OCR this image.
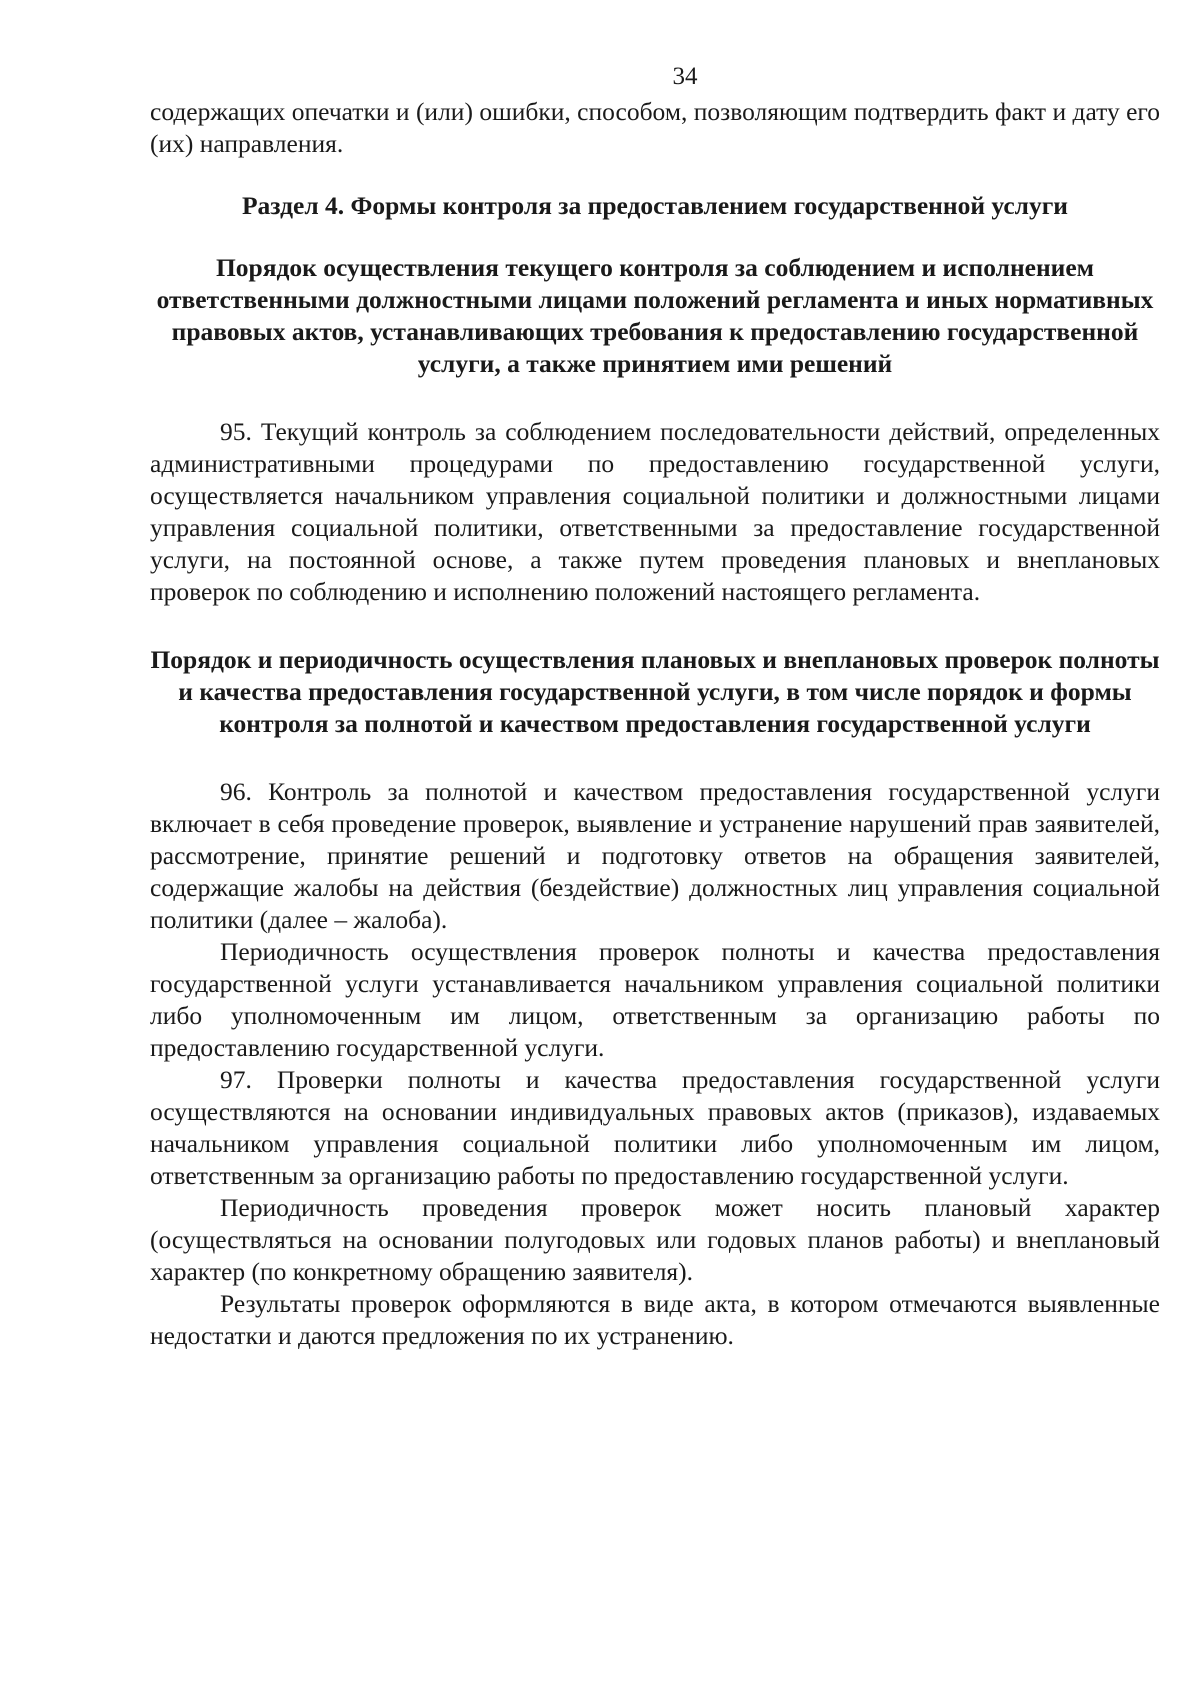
34

содержащих опечатки и (или) ошибки, способом, позволяющим подтвердить факт и дату его (их) направления.

Раздел 4. Формы контроля за предоставлением государственной услуги
Порядок осуществления текущего контроля за соблюдением и исполнением ответственными должностными лицами положений регламента и иных нормативных правовых актов, устанавливающих требования к предоставлению государственной услуги, а также принятием ими решений

95. Текущий контроль за соблюдением последовательности действий, определенных административными процедурами по предоставлению государственной услуги, осуществляется начальником управления социальной политики и должностными лицами управления социальной политики, ответственными за предоставление государственной услуги, на постоянной основе, а также путем проведения плановых и внеплановых проверок по соблюдению и исполнению положений настоящего регламента.

Порядок и периодичность осуществления плановых и внеплановых проверок полноты и качества предоставления государственной услуги, в том числе порядок и формы контроля за полнотой и качеством предоставления государственной услуги

96. Контроль за полнотой и качеством предоставления государственной услуги включает в себя проведение проверок, выявление и устранение нарушений прав заявителей, рассмотрение, принятие решений и подготовку ответов на обращения заявителей, содержащие жалобы на действия (бездействие) должностных лиц управления социальной политики (далее – жалоба).

Периодичность осуществления проверок полноты и качества предоставления государственной услуги устанавливается начальником управления социальной политики либо уполномоченным им лицом, ответственным за организацию работы по предоставлению государственной услуги.

97. Проверки полноты и качества предоставления государственной услуги осуществляются на основании индивидуальных правовых актов (приказов), издаваемых начальником управления социальной политики либо уполномоченным им лицом, ответственным за организацию работы по предоставлению государственной услуги.

Периодичность проведения проверок может носить плановый характер (осуществляться на основании полугодовых или годовых планов работы) и внеплановый характер (по конкретному обращению заявителя).

Результаты проверок оформляются в виде акта, в котором отмечаются выявленные недостатки и даются предложения по их устранению.
